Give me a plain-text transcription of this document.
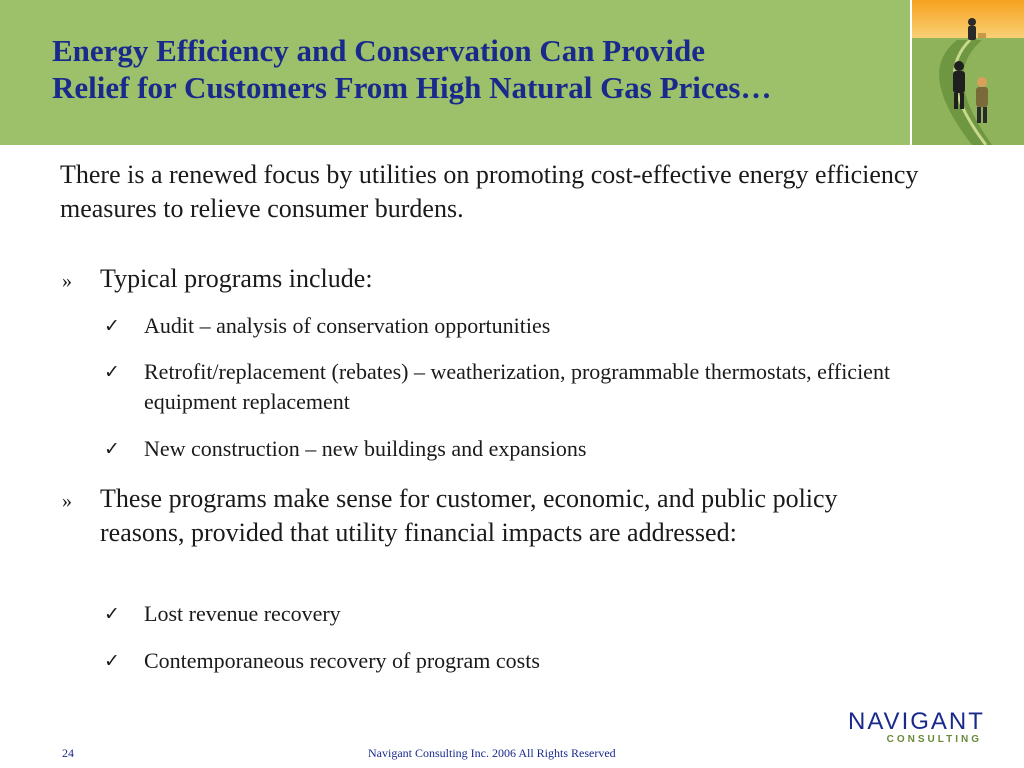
Energy Efficiency and Conservation Can Provide
Relief for Customers From High Natural Gas Prices…

There is a renewed focus by utilities on promoting cost-effective energy efficiency measures to relieve consumer burdens.

» Typical programs include:
✓ Audit – analysis of conservation opportunities
✓ Retrofit/replacement (rebates) – weatherization, programmable thermostats, efficient equipment replacement
✓ New construction – new buildings and expansions
» These programs make sense for customer, economic, and public policy reasons, provided that utility financial impacts are addressed:
✓ Lost revenue recovery
✓ Contemporaneous recovery of program costs
NAVIGANT
CONSULTING
24	Navigant Consulting Inc. 2006 All Rights Reserved
